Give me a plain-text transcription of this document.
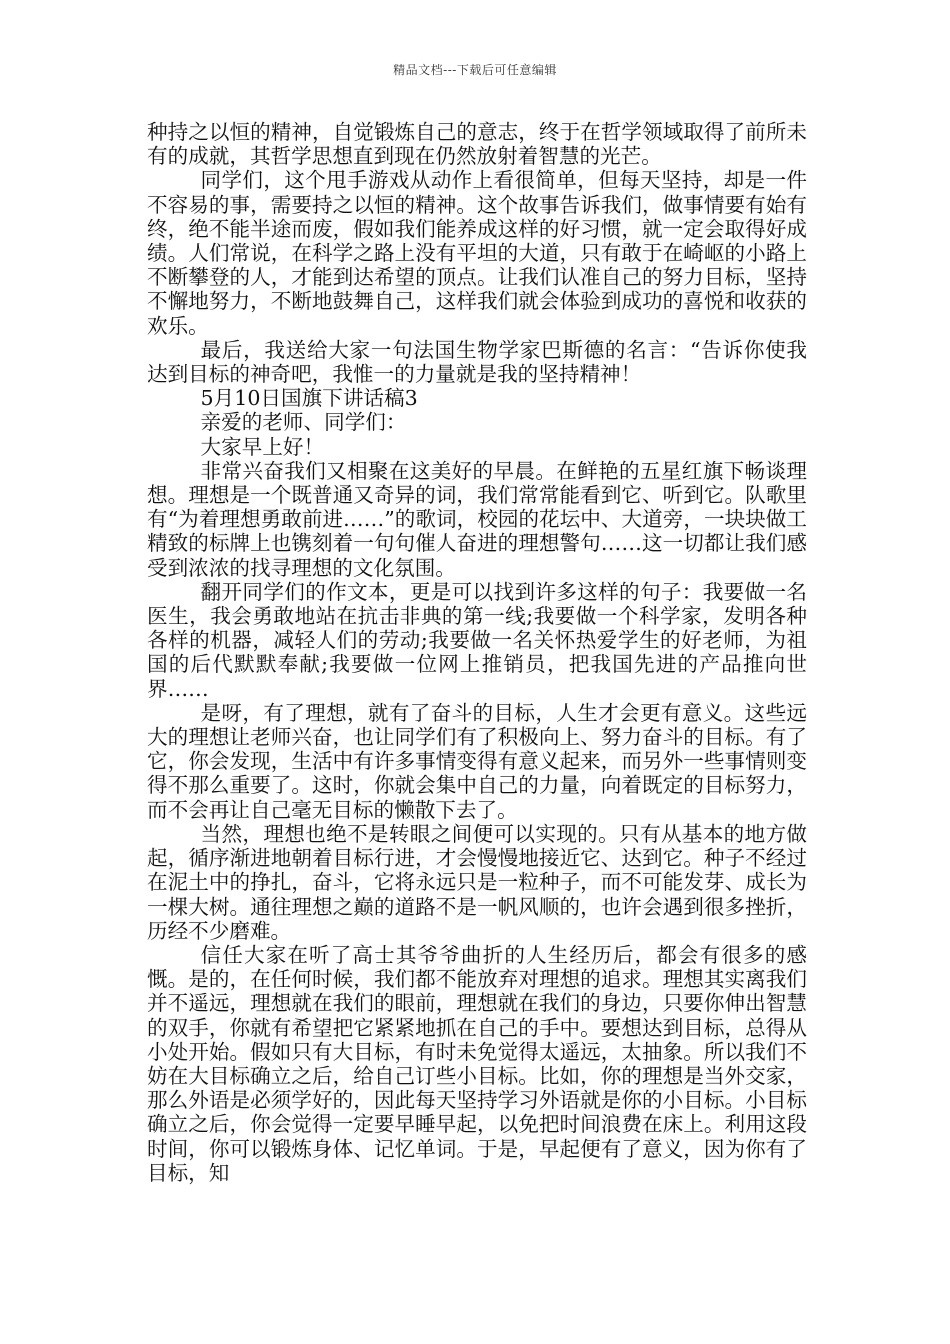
精品文档---下载后可任意编辑

种持之以恒的精神，自觉锻炼自己的意志，终于在哲学领域取得了前所未有的成就，其哲学思想直到现在仍然放射着智慧的光芒。

同学们，这个甩手游戏从动作上看很简单，但每天坚持，却是一件不容易的事，需要持之以恒的精神。这个故事告诉我们，做事情要有始有终，绝不能半途而废，假如我们能养成这样的好习惯，就一定会取得好成绩。人们常说，在科学之路上没有平坦的大道，只有敢于在崎岖的小路上不断攀登的人，才能到达希望的顶点。让我们认准自己的努力目标，坚持不懈地努力，不断地鼓舞自己，这样我们就会体验到成功的喜悦和收获的欢乐。

最后，我送给大家一句法国生物学家巴斯德的名言：“告诉你使我达到目标的神奇吧，我惟一的力量就是我的坚持精神！

5月10日国旗下讲话稿3

亲爱的老师、同学们：

大家早上好！

非常兴奋我们又相聚在这美好的早晨。在鲜艳的五星红旗下畅谈理想。理想是一个既普通又奇异的词，我们常常能看到它、听到它。队歌里有“为着理想勇敢前进……”的歌词，校园的花坛中、大道旁，一块块做工精致的标牌上也镌刻着一句句催人奋进的理想警句……这一切都让我们感受到浓浓的找寻理想的文化氛围。

翻开同学们的作文本，更是可以找到许多这样的句子：我要做一名医生，我会勇敢地站在抗击非典的第一线;我要做一个科学家，发明各种各样的机器，减轻人们的劳动;我要做一名关怀热爱学生的好老师，为祖国的后代默默奉献;我要做一位网上推销员，把我国先进的产品推向世界……

是呀，有了理想，就有了奋斗的目标，人生才会更有意义。这些远大的理想让老师兴奋，也让同学们有了积极向上、努力奋斗的目标。有了它，你会发现，生活中有许多事情变得有意义起来，而另外一些事情则变得不那么重要了。这时，你就会集中自己的力量，向着既定的目标努力，而不会再让自己毫无目标的懒散下去了。

当然，理想也绝不是转眼之间便可以实现的。只有从基本的地方做起，循序渐进地朝着目标行进，才会慢慢地接近它、达到它。种子不经过在泥土中的挣扎，奋斗，它将永远只是一粒种子，而不可能发芽、成长为一棵大树。通往理想之巅的道路不是一帆风顺的，也许会遇到很多挫折，历经不少磨难。

信任大家在听了高士其爷爷曲折的人生经历后，都会有很多的感慨。是的，在任何时候，我们都不能放弃对理想的追求。理想其实离我们并不遥远，理想就在我们的眼前，理想就在我们的身边，只要你伸出智慧的双手，你就有希望把它紧紧地抓在自己的手中。要想达到目标，总得从小处开始。假如只有大目标，有时未免觉得太遥远，太抽象。所以我们不妨在大目标确立之后，给自己订些小目标。比如，你的理想是当外交家，那么外语是必须学好的，因此每天坚持学习外语就是你的小目标。小目标确立之后，你会觉得一定要早睡早起，以免把时间浪费在床上。利用这段时间，你可以锻炼身体、记忆单词。于是，早起便有了意义，因为你有了目标，知
